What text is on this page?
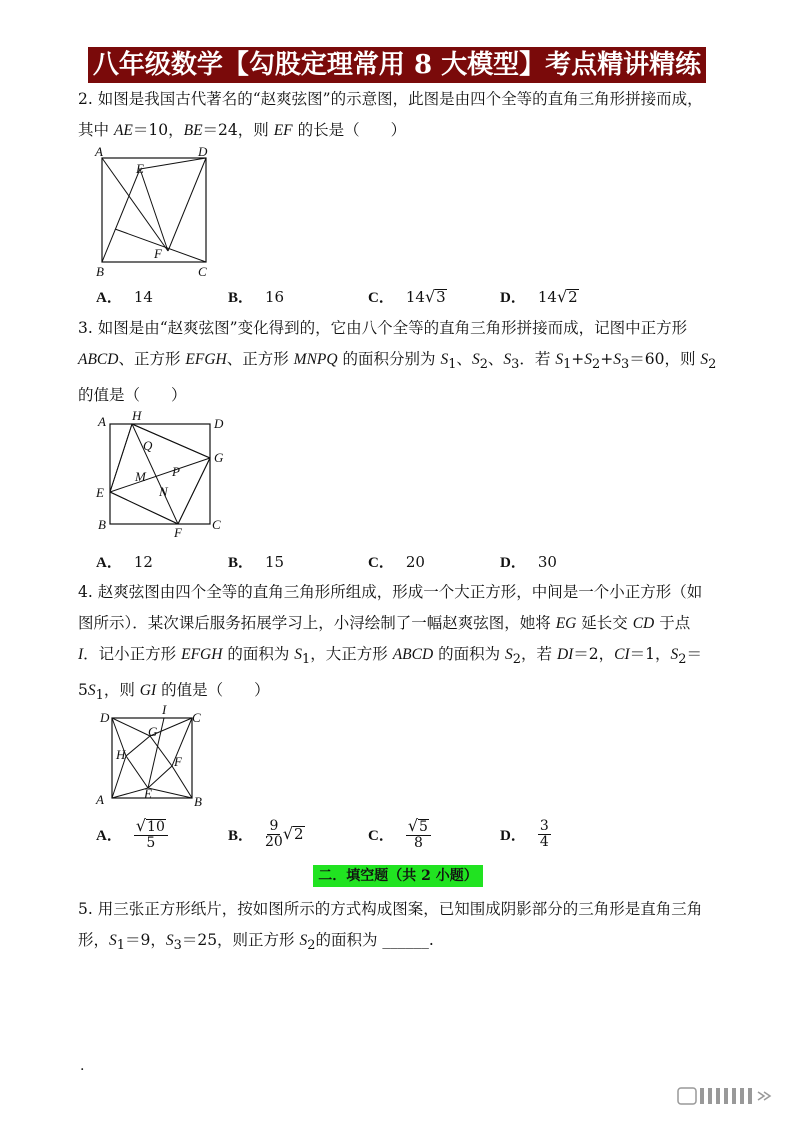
八年级数学【勾股定理常用 8 大模型】考点精讲精练

2. 如图是我国古代著名的“赵爽弦图”的示意图，此图是由四个全等的直角三角形拼接而成，

其中 AE＝10，BE＝24，则 EF 的长是（　　）

A	D
E
B
F
C
A． 14	B． 16	C． 14 √ 3	D． 14 √ 2

3. 如图是由“赵爽弦图”变化得到的，它由八个全等的直角三角形拼接而成，记图中正方形

ABCD、正方形 EFGH、正方形 MNPQ 的面积分别为 $S_1$、$S_2$、$S_3$．若 $S_1+S_2+S_3=60$，则 $S_2$

的值是（　　）

A H
D
Q
G
P
M
E	N
B
F
C
A． 12	B． 15	C． 20	D． 30

4. 赵爽弦图由四个全等的直角三角形所组成，形成一个大正方形，中间是一个小正方形（如

图所示）．某次课后服务拓展学习上，小浔绘制了一幅赵爽弦图，她将 EG 延长交 CD 于点

I．记小正方形 EFGH 的面积为 $S_1$，大正方形 ABCD 的面积为 $S_2$，若 DI＝2，CI＝1，$S_2=$

$5S_1$，则 GI 的值是（　　）

D
I
C
G
H	F
A	E
B
A． $\frac{√ 10}{5}$	B． $\frac{9}{20}$ √ 2	C． $\frac{√ 5}{8}$	D． $\frac{3}{4}$
二．填空题（共 2 小题）

5. 用三张正方形纸片，按如图所示的方式构成图案，已知围成阴影部分的三角形是直角三角

形，$S_1=9$，$S_3=25$，则正方形 $S_2$的面积为 ______.

.
